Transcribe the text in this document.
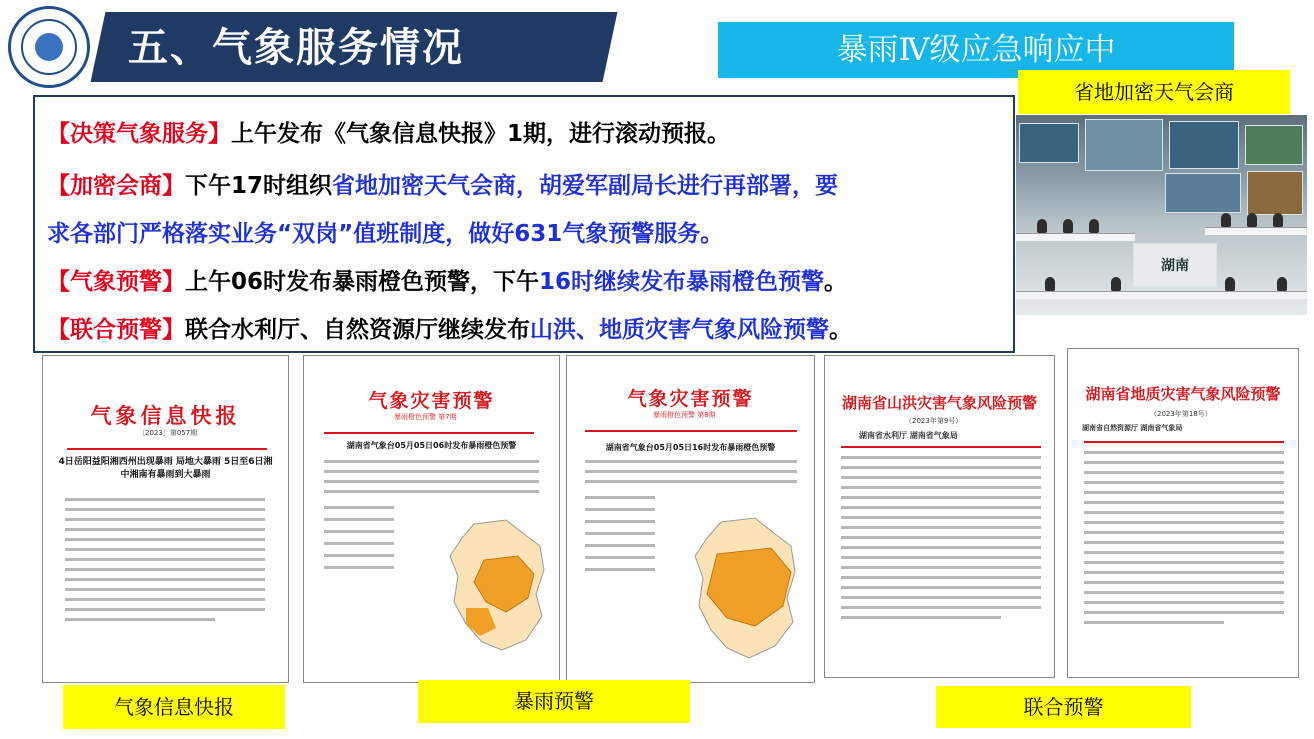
五、气象服务情况	暴雨Ⅳ级应急响应中
省地加密天气会商
湖南
【决策气象服务】上午发布《气象信息快报》1期，进行滚动预报。
【加密会商】下午17时组织省地加密天气会商，胡爱军副局长进行再部署，要
求各部门严格落实业务“双岗”值班制度，做好631气象预警服务。
【气象预警】上午06时发布暴雨橙色预警，下午16时继续发布暴雨橙色预警。
【联合预警】联合水利厅、自然资源厅继续发布山洪、地质灾害气象风险预警。
气象信息快报
〔2023〕第057期
4日岳阳益阳湘西州出现暴雨 局地大暴雨 5日至6日湘中湘南有暴雨到大暴雨
气象灾害预警
暴雨橙色预警 第7期
湖南省气象台05月05日06时发布暴雨橙色预警
气象灾害预警
暴雨橙色预警 第8期
湖南省气象台05月05日16时发布暴雨橙色预警
湖南省山洪灾害气象风险预警
（2023年第9号）
湖南省水利厅 湖南省气象局
湖南省地质灾害气象风险预警
（2023年第18号）
湖南省自然资源厅 湖南省气象局
气象信息快报	暴雨预警	联合预警
